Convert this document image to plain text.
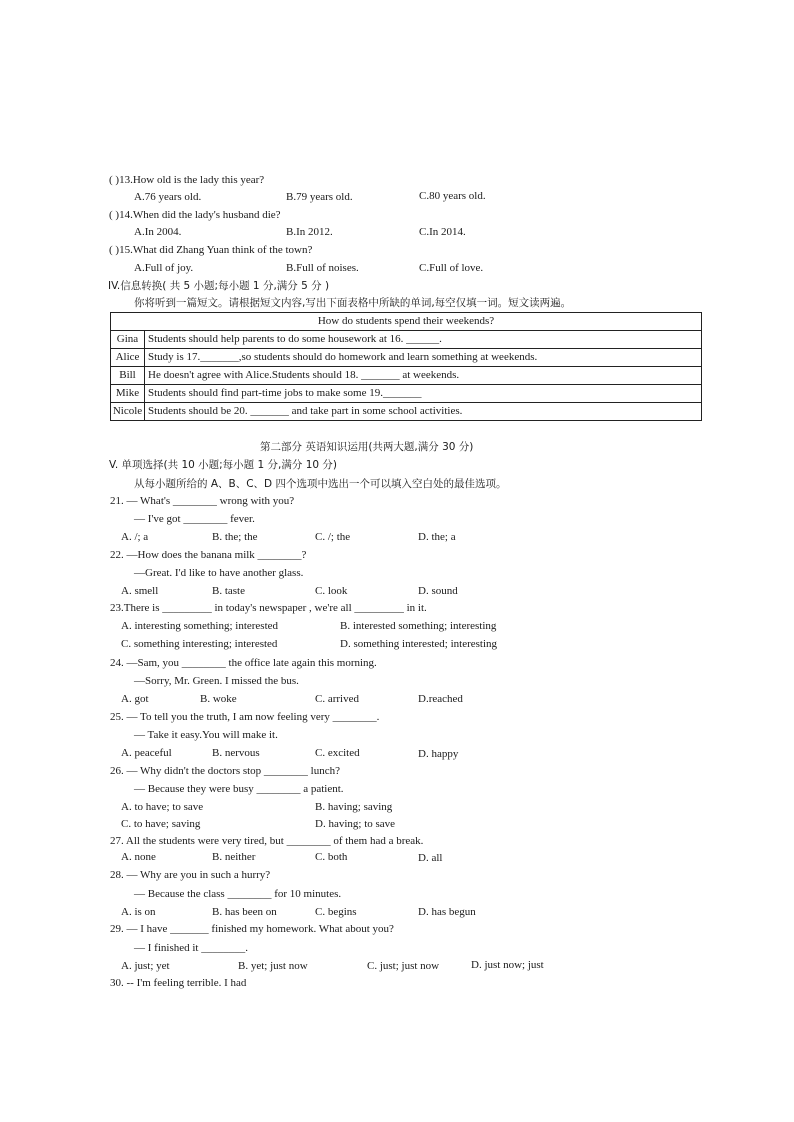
( )13.How old is the lady this year?
A.76 years old.	B.79 years old.	C.80 years old.
( )14.When did the lady's husband die?
A.In 2004.	B.In 2012.	C.In 2014.
( )15.What did Zhang Yuan think of the town?
A.Full of joy.	B.Full of noises.	C.Full of love.
IV.信息转换( 共 5 小题;每小题 1 分,满分 5 分 )
你将听到一篇短文。请根据短文内容,写出下面表格中所缺的单词,每空仅填一词。短文读两遍。
How do students spend their weekends?	
Gina	Students should help parents to do some housework at 16. ______.
Alice	Study is 17._______,so students should do homework and learn something at weekends.
Bill	He doesn't agree with Alice.Students should 18. _______ at weekends.
Mike	Students should find part-time jobs to make some 19._______
Nicole	Students should be 20. _______ and take part in some school activities.
第二部分 英语知识运用(共两大题,满分 30 分)
V. 单项选择(共 10 小题;每小题 1 分,满分 10 分)
从每小题所给的 A、B、C、D 四个选项中选出一个可以填入空白处的最佳选项。
21. — What's ________ wrong with you?
— I've got ________ fever.
A. /; a	B. the; the	C. /; the	D. the; a
22. —How does the banana milk ________?
—Great. I'd like to have another glass.
A. smell	B. taste	C. look	D. sound
23.There is _________ in today's newspaper , we're all _________ in it.
A. interesting something; interested	B. interested something; interesting
C. something interesting; interested	D. something interested; interesting
24. —Sam, you ________ the office late again this morning.
—Sorry, Mr. Green. I missed the bus.
A. got	B. woke	C. arrived	D.reached
25. — To tell you the truth, I am now feeling very ________.
— Take it easy.You will make it.
A. peaceful	B. nervous	C. excited	D. happy
26. — Why didn't the doctors stop ________ lunch?
— Because they were busy ________ a patient.
A. to have; to save	B. having; saving
C. to have; saving	D. having; to save
27. All the students were very tired, but ________ of them had a break.
A. none	B. neither	C. both	D. all
28. — Why are you in such a hurry?
— Because the class ________ for 10 minutes.
A. is on	B. has been on	C. begins	D. has begun
29. — I have _______ finished my homework. What about you?
— I finished it ________.
A. just; yet	B. yet; just now	C. just; just now	D. just now; just
30. -- I'm feeling terrible. I had
